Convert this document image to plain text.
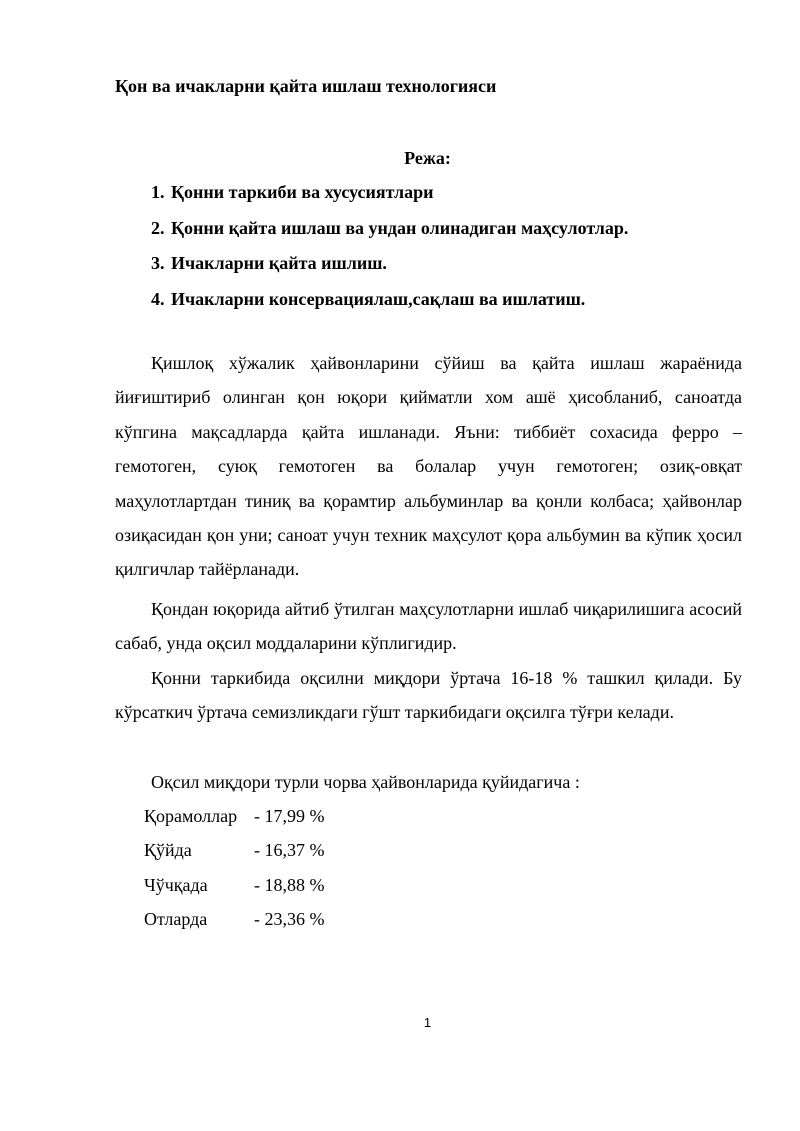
Қон ва ичакларни қайта ишлаш технологияси
Режа:
1. Қонни таркиби ва хусусиятлари
2. Қонни қайта ишлаш ва ундан олинадиган маҳсулотлар.
3. Ичакларни қайта ишлиш.
4. Ичакларни консервациялаш,сақлаш ва ишлатиш.

Қишлоқ хўжалик ҳайвонларини сўйиш ва қайта ишлаш жараёнида йиғиштириб олинган қон юқори қийматли хом ашё ҳисобланиб, саноатда кўпгина мақсадларда қайта ишланади. Яъни: тиббиёт сохасида ферро – гемотоген, суюқ гемотоген ва болалар учун гемотоген; озиқ-овқат маҳулотлартдан тиниқ ва қорамтир альбуминлар ва қонли колбаса; ҳайвонлар озиқасидан қон уни; саноат учун техник маҳсулот қора альбумин ва кўпик ҳосил қилгичлар тайёрланади.

Қондан юқорида айтиб ўтилган маҳсулотларни ишлаб чиқарилишига асосий сабаб, унда оқсил моддаларини кўплигидир.

Қонни таркибида оқсилни миқдори ўртача 16-18 % ташкил қилади. Бу кўрсаткич ўртача семизликдаги гўшт таркибидаги оқсилга тўғри келади.

Оқсил миқдори турли чорва ҳайвонларида қуйидагича :

Қорамоллар - 17,99 %
Қўйда	- 16,37 %
Чўчқада	- 18,88 %
Отларда	- 23,36 %
1
